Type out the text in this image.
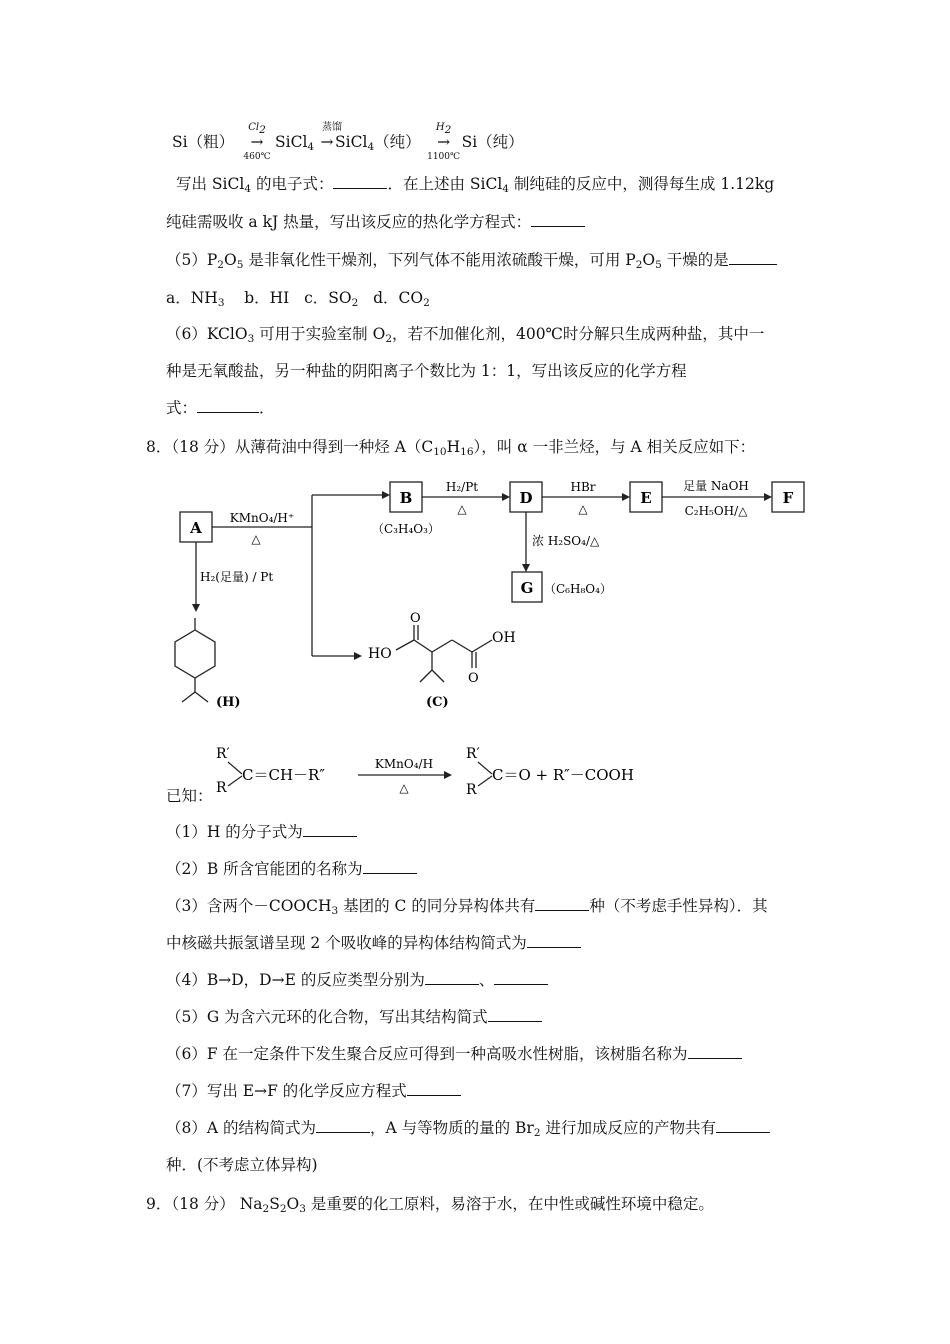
Si（粗）
$Cl_2$
→
460℃
SiCl$_4$
蒸馏
→SiCl$_4$（纯）
$H_2$
→
1100℃
Si（纯）
写出 SiCl$_4$ 的电子式：	．在上述由 SiCl$_4$ 制纯硅的反应中，测得每生成 1.12kg
纯硅需吸收 a kJ 热量，写出该反应的热化学方程式：
$(5)P_2O_5$ 是非氧化性干燥剂，下列气体不能用浓硫酸干燥，可用 $P_2O_5$ 干燥的是
a．$NH_3$ b．HI c．$SO_2$ d．$CO_2$
（6）KClO$_3$ 可用于实验室制 $O_2$，若不加催化剂，400℃时分解只生成两种盐，其中一
种是无氧酸盐，另一种盐的阴阳离子个数比为 1：1，写出该反应的化学方程
式：	．
8．（18 分）从薄荷油中得到一种烃 $A(C_{10}H_{16})$，叫 α 一非兰烃，与 A 相关反应如下：
A
B	D	E	F
G
KMnO₄/H⁺
△
H₂/Pt
△
HBr
△
足量 NaOH
C₂H₅OH/△
浓 H₂SO₄/△
H₂(足量) / Pt
（C₃H₄O₃）
（C₆H₈O₄）
(H)
HO
O
OH
O
(C)
R′
R
C＝CH－R″
KMnO₄/H
△
R′
R
C＝O + R″－COOH
已知：
（1）H 的分子式为
（2）B 所含官能团的名称为
（3）含两个$-COOCH_3$ 基团的 C 的同分异构体共有	种（不考虑手性异构）．其
中核磁共振氢谱呈现 2 个吸收峰的异构体结构简式为
（4）B→D，D→E 的反应类型分别为	、
（5）G 为含六元环的化合物，写出其结构简式
（6）F 在一定条件下发生聚合反应可得到一种高吸水性树脂，该树脂名称为
（7）写出 E→F 的化学反应方程式
（8）A 的结构简式为	，A 与等物质的量的 $Br_2$ 进行加成反应的产物共有
种．(不考虑立体异构)
9．（18 分） $Na_2S_2O_3$ 是重要的化工原料，易溶于水，在中性或碱性环境中稳定。
